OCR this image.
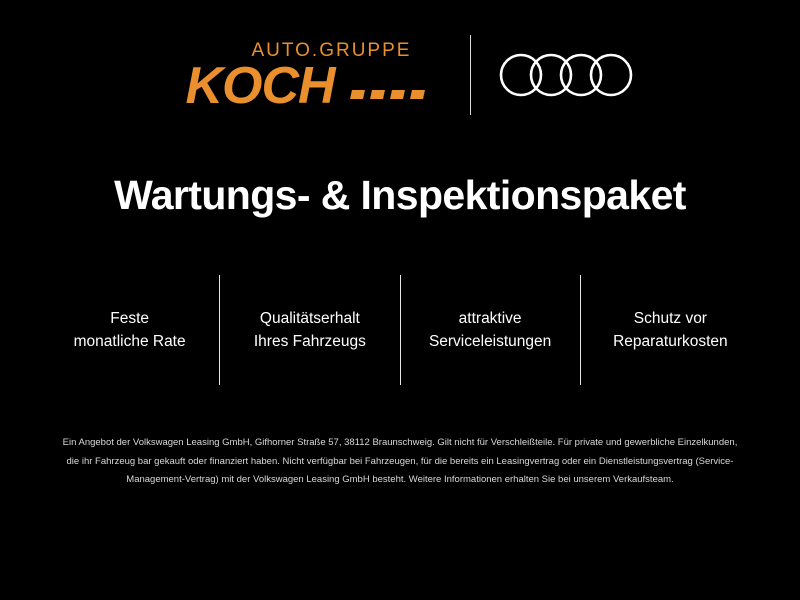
AUTO.GRUPPE
KOCH
Wartungs- & Inspektionspaket
Feste
monatliche Rate
Qualitätserhalt
Ihres Fahrzeugs
attraktive
Serviceleistungen
Schutz vor
Reparaturkosten
Ein Angebot der Volkswagen Leasing GmbH, Gifhorner Straße 57, 38112 Braunschweig. Gilt nicht für Verschleißteile. Für private und gewerbliche Einzelkunden, die ihr Fahrzeug bar gekauft oder finanziert haben. Nicht verfügbar bei Fahrzeugen, für die bereits ein Leasingvertrag oder ein Dienstleistungsvertrag (Service-Management-Vertrag) mit der Volkswagen Leasing GmbH besteht. Weitere Informationen erhalten Sie bei unserem Verkaufsteam.
